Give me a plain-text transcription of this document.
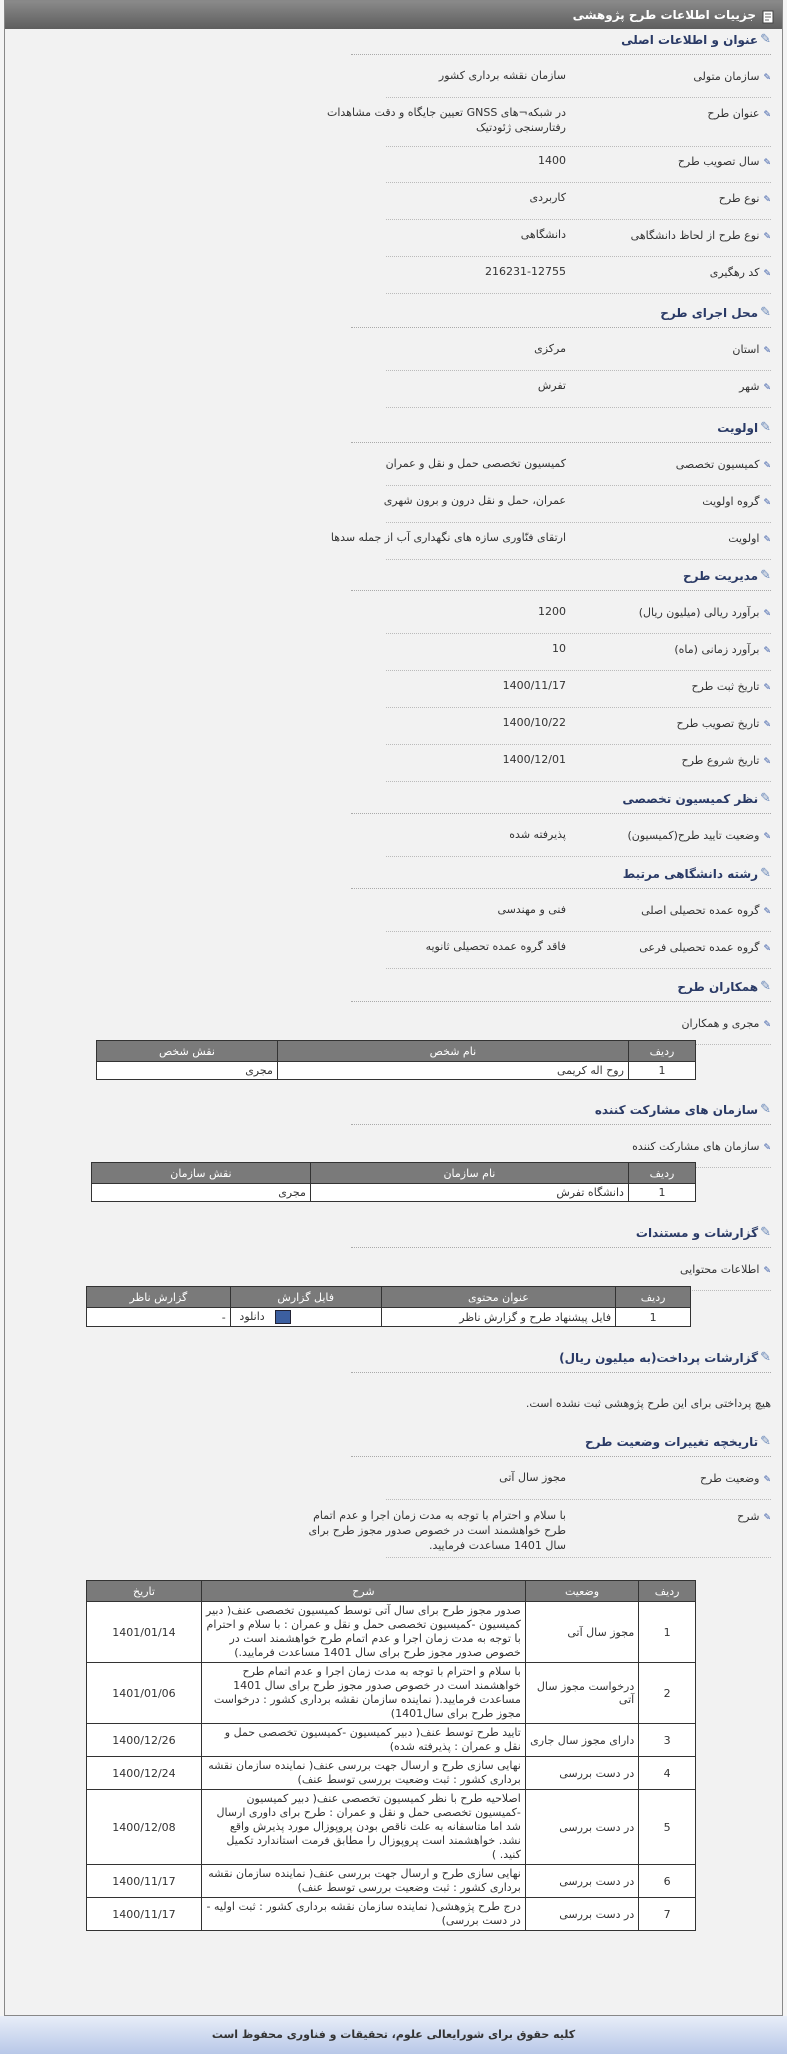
جزییات اطلاعات طرح پژوهشی
✎
عنوان و اطلاعات اصلی
✎سازمان متولی
سازمان نقشه برداری کشور
✎عنوان طرح
در شبکه¬های GNSS تعیین جایگاه و دقت مشاهدات رفتارسنجی ژئودتیک
✎سال تصویب طرح
1400
✎نوع طرح
کاربردی
✎نوع طرح از لحاظ دانشگاهی
دانشگاهی
✎کد رهگیری
216231-12755
✎
محل اجرای طرح
✎استان
مرکزی
✎شهر
تفرش
✎
اولویت
✎کمیسیون تخصصی
کمیسیون تخصصی حمل و نقل و عمران
✎گروه اولویت
عمران، حمل و نقل درون و برون شهری
✎اولویت
ارتقای فنّاوری سازه های نگهداری آب از جمله سدها
✎
مدیریت طرح
✎برآورد ریالی (میلیون ریال)
1200
✎برآورد زمانی (ماه)
10
✎تاریخ ثبت طرح
1400/11/17
✎تاریخ تصویب طرح
1400/10/22
✎تاریخ شروع طرح
1400/12/01
✎
نظر کمیسیون تخصصی
✎وضعیت تایید طرح(کمیسیون)
پذیرفته شده
✎
رشته دانشگاهی مرتبط
✎گروه عمده تحصیلی اصلی
فنی و مهندسی
✎گروه عمده تحصیلی فرعی
فاقد گروه عمده تحصیلی ثانویه
✎
همکاران طرح
✎مجری و همکاران
ردیف	نام شخص	نقش شخص
1	روح اله کریمی	مجری
✎
سازمان های مشارکت کننده
✎سازمان های مشارکت کننده
ردیف	نام سازمان	نقش سازمان
1	دانشگاه تفرش	مجری
✎
گزارشات و مستندات
✎اطلاعات محتوایی
ردیف	عنوان محتوی	فایل گزارش	گزارش ناظر
1	فایل پیشنهاد طرح و گزارش ناظر	دانلود	-
✎
گزارشات پرداخت(به میلیون ریال)
هیچ پرداختی برای این طرح پژوهشی ثبت نشده است.
✎
تاریخچه تغییرات وضعیت طرح
✎وضعیت طرح
مجوز سال آتی
✎شرح
با سلام و احترام با توجه به مدت زمان اجرا و عدم اتمام طرح خواهشمند است در خصوص صدور مجوز طرح برای سال 1401 مساعدت فرمایید.
ردیف	وضعیت	شرح	تاریخ
1	مجوز سال آتی	صدور مجوز طرح برای سال آتی توسط کمیسیون تخصصی عنف( دبیر کمیسیون -کمیسیون تخصصی حمل و نقل و عمران : با سلام و احترام با توجه به مدت زمان اجرا و عدم اتمام طرح خواهشمند است در خصوص صدور مجوز طرح برای سال 1401 مساعدت فرمایید.)	1401/01/14
2	درخواست مجوز سال آتی	با سلام و احترام با توجه به مدت زمان اجرا و عدم اتمام طرح خواهشمند است در خصوص صدور مجوز طرح برای سال 1401 مساعدت فرمایید.( نماینده سازمان نقشه برداری کشور : درخواست مجوز طرح برای سال1401)	1401/01/06
3	دارای مجوز سال جاری	تایید طرح توسط عنف( دبیر کمیسیون -کمیسیون تخصصی حمل و نقل و عمران : پذیرفته شده)	1400/12/26
4	در دست بررسی	نهایی سازی طرح و ارسال جهت بررسی عنف( نماینده سازمان نقشه برداری کشور : ثبت وضعیت بررسی توسط عنف)	1400/12/24
5	در دست بررسی	اصلاحیه طرح با نظر کمیسیون تخصصی عنف( دبیر کمیسیون -کمیسیون تخصصی حمل و نقل و عمران : طرح برای داوری ارسال شد اما متاسفانه به علت ناقص بودن پروپوزال مورد پذیرش واقع نشد. خواهشمند است پروپوزال را مطابق فرمت استاندارد تکمیل کنید. )	1400/12/08
6	در دست بررسی	نهایی سازی طرح و ارسال جهت بررسی عنف( نماینده سازمان نقشه برداری کشور : ثبت وضعیت بررسی توسط عنف)	1400/11/17
7	در دست بررسی	درج طرح پژوهشی( نماینده سازمان نقشه برداری کشور : ثبت اولیه - در دست بررسی)	1400/11/17
کلیه حقوق برای شورایعالی علوم، تحقیقات و فناوری محفوظ است
